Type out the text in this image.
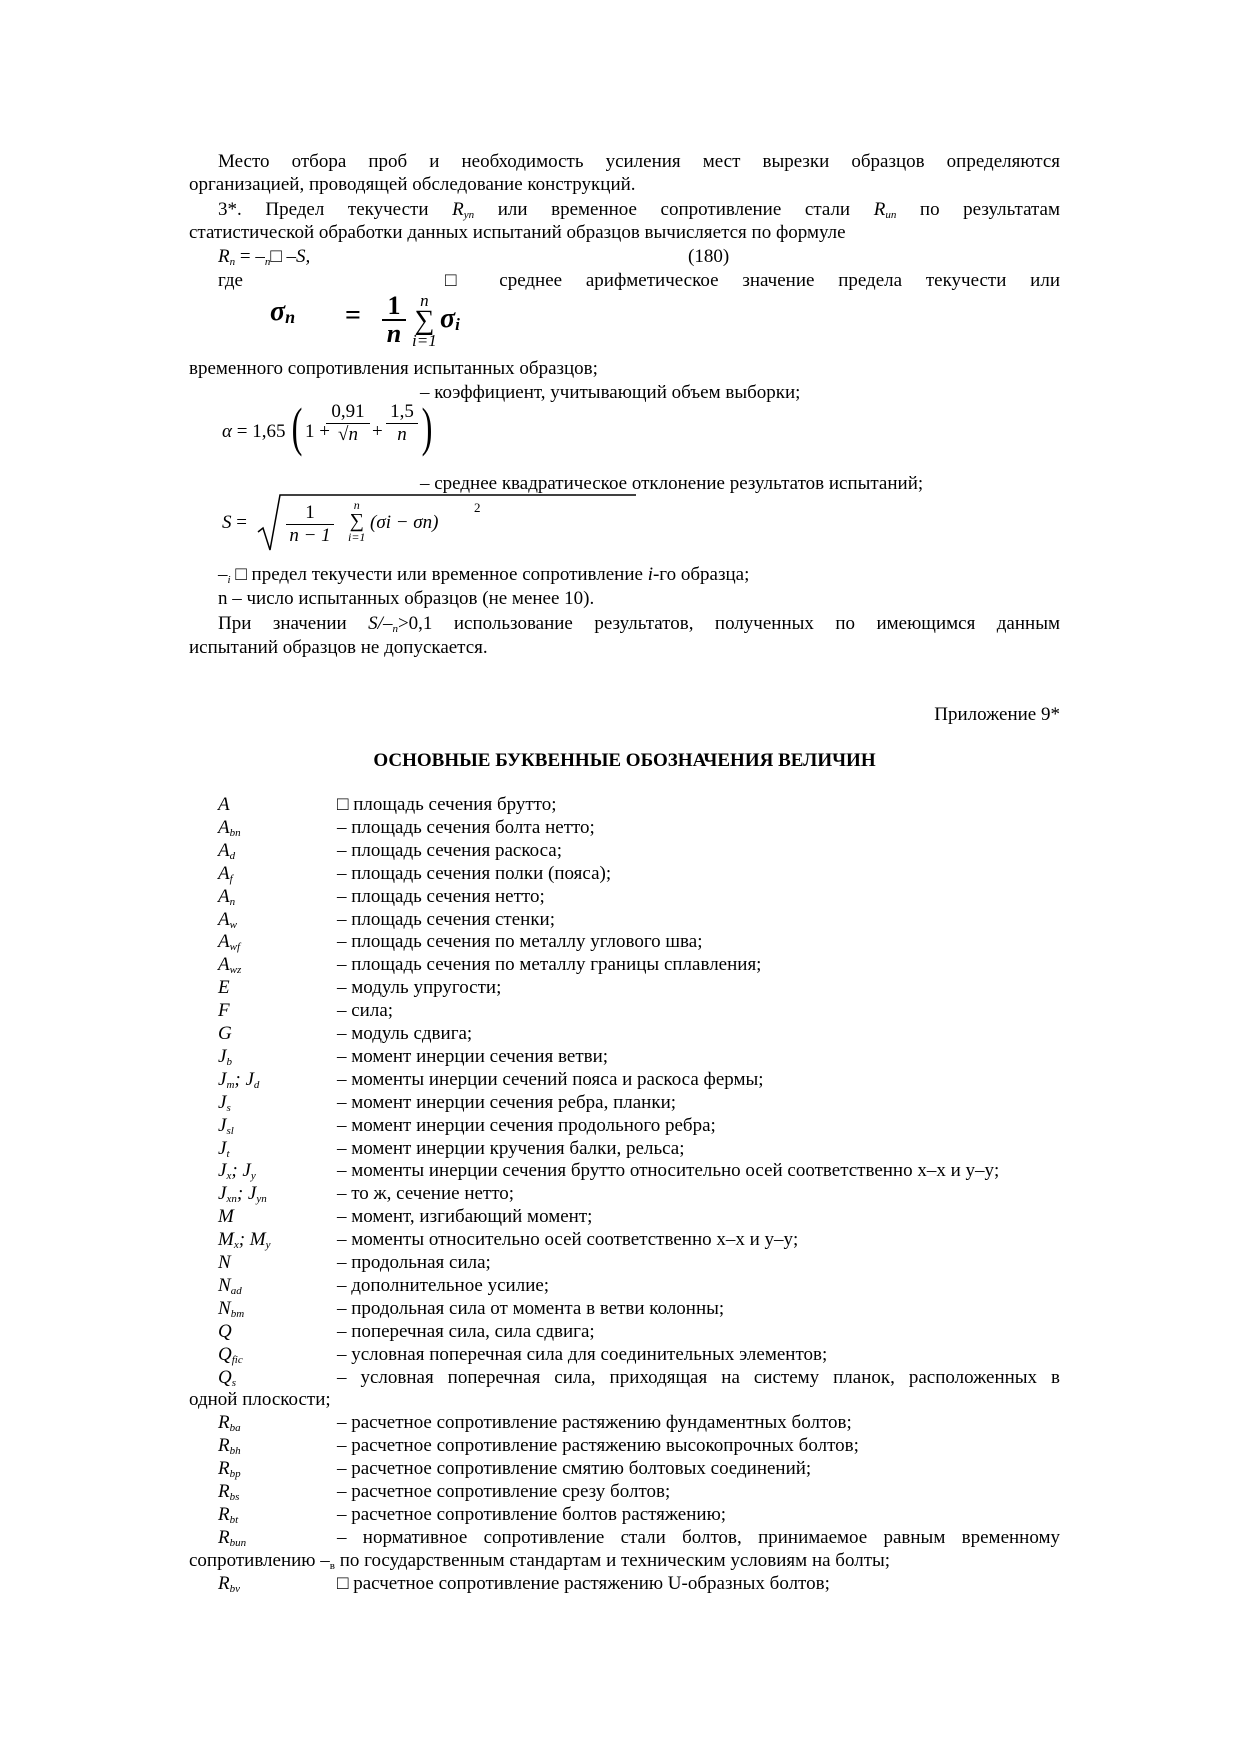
Место отбора проб и необходимость усиления мест вырезки образцов определяются
организацией, проводящей обследование конструкций.
3*. Предел текучести $R_{yn}$ или временное сопротивление стали $R_{un}$ по результатам
статистической обработки данных испытаний образцов вычисляется по формуле
$R_n$ = $-_n□$ –S,	(180)
где	□ среднее арифметическое значение предела текучести или
$\sigma_n = 1$
n
n
∑
i=1
$\sigma_i$
временного сопротивления испытанных образцов;
– коэффициент, учитывающий объем выборки;
α = 1,65 ( 1 +
$\frac{0,91}{√n} + \frac{1,5}{n}$ )
– среднее квадратическое отклонение результатов испытаний;
$S = \frac{1}{n - 1}$	n
∑
i=1
(σi − σn)
2
$-_i$ □ предел текучести или временное сопротивление i-го образца;
n – число испытанных образцов (не менее 10).
При значении $S/-_n>0,1$ использование результатов, полученных по имеющимся данным
испытаний образцов не допускается.
Приложение 9*
ОСНОВНЫЕ БУКВЕННЫЕ ОБОЗНАЧЕНИЯ ВЕЛИЧИН
A	□ площадь сечения брутто;
$A_{bn}$	– площадь сечения болта нетто;
$A_d$	– площадь сечения раскоса;
$A_f$	– площадь сечения полки (пояса);
$A_n$	– площадь сечения нетто;
$A_w$	– площадь сечения стенки;
$A_{wf}$	– площадь сечения по металлу углового шва;
$A_{wz}$	– площадь сечения по металлу границы сплавления;
E	– модуль упругости;
F	– сила;
G	– модуль сдвига;
$J_b$	– момент инерции сечения ветви;
$J_m$; $J_d$	– моменты инерции сечений пояса и раскоса фермы;
$J_s$	– момент инерции сечения ребра, планки;
$J_{sl}$	– момент инерции сечения продольного ребра;
$J_t$	– момент инерции кручения балки, рельса;
$J_x$; $J_y$	– моменты инерции сечения брутто относительно осей соответственно x–x и y–y;
$J_{xn}$; $J_{yn}$	– то ж, сечение нетто;
M	– момент, изгибающий момент;
$M_x$; $M_y$	– моменты относительно осей соответственно x–x и y–y;
N	– продольная сила;
$N_{ad}$	– дополнительное усилие;
$N_{bm}$	– продольная сила от момента в ветви колонны;
Q	– поперечная сила, сила сдвига;
$Q_{fic}$	– условная поперечная сила для соединительных элементов;
$Q_s$	– условная поперечная сила, приходящая на систему планок, расположенных в
одной плоскости;
$R_{ba}$	– расчетное сопротивление растяжению фундаментных болтов;
$R_{bh}$	– расчетное сопротивление растяжению высокопрочных болтов;
$R_{bp}$	– расчетное сопротивление смятию болтовых соединений;
$R_{bs}$	– расчетное сопротивление срезу болтов;
$R_{bt}$	– расчетное сопротивление болтов растяжению;
$R_{bun}$	– нормативное сопротивление стали болтов, принимаемое равным временному
сопротивлению $-_в$ по государственным стандартам и техническим условиям на болты;
$R_{bv}$	□ расчетное сопротивление растяжению U-образных болтов;
